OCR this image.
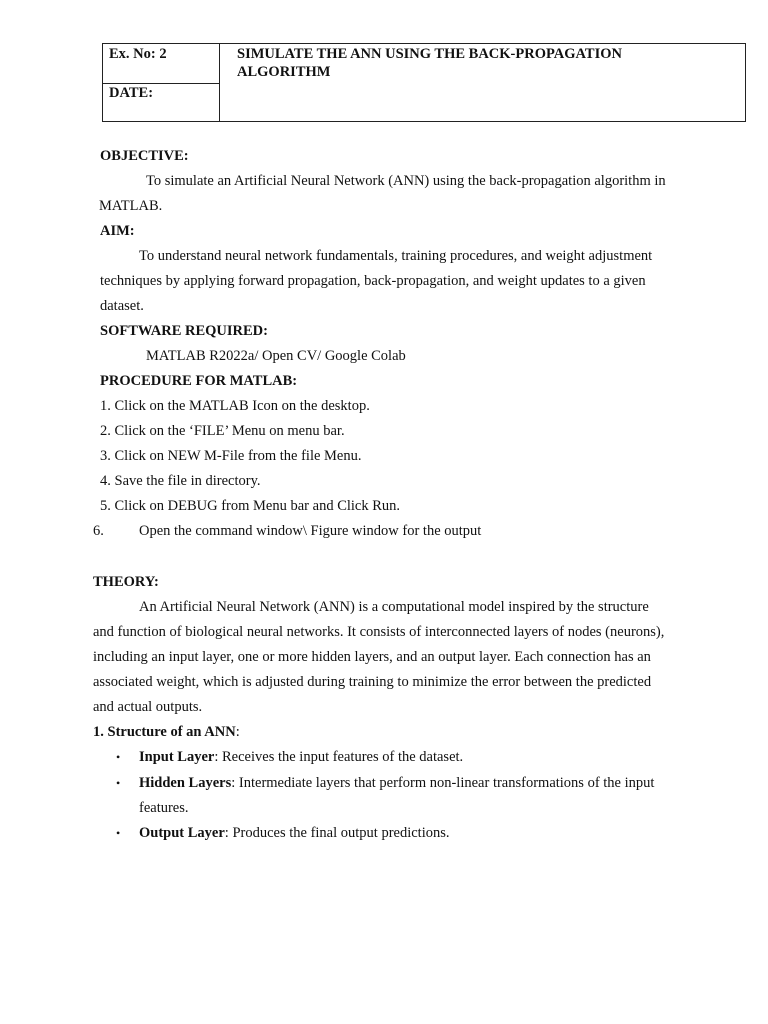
Ex. No: 2
DATE:
SIMULATE THE ANN USING THE BACK-PROPAGATION
ALGORITHM
OBJECTIVE:
To simulate an Artificial Neural Network (ANN) using the back-propagation algorithm in
MATLAB.
AIM:
To understand neural network fundamentals, training procedures, and weight adjustment
techniques by applying forward propagation, back-propagation, and weight updates to a given
dataset.
SOFTWARE REQUIRED:
MATLAB R2022a/ Open CV/ Google Colab
PROCEDURE FOR MATLAB:
1. Click on the MATLAB Icon on the desktop.
2. Click on the ‘FILE’ Menu on menu bar.
3. Click on NEW M-File from the file Menu.
4. Save the file in directory.
5. Click on DEBUG from Menu bar and Click Run.
6. Open the command window\ Figure window for the output
THEORY:
An Artificial Neural Network (ANN) is a computational model inspired by the structure
and function of biological neural networks. It consists of interconnected layers of nodes (neurons),
including an input layer, one or more hidden layers, and an output layer. Each connection has an
associated weight, which is adjusted during training to minimize the error between the predicted
and actual outputs.
1. Structure of an ANN:
• Input Layer: Receives the input features of the dataset.
• Hidden Layers: Intermediate layers that perform non-linear transformations of the input
features.
• Output Layer: Produces the final output predictions.
